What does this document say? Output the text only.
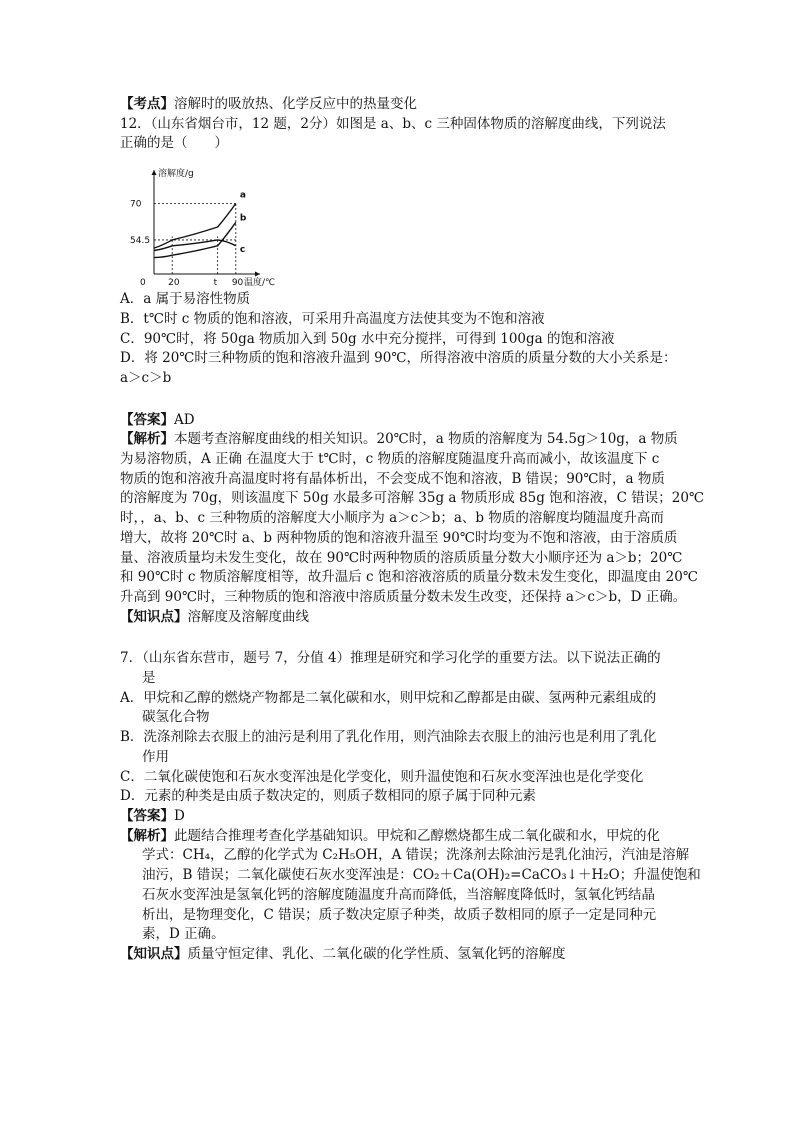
【考点】溶解时的吸放热、化学反应中的热量变化
12．（山东省烟台市，12 题，2分）如图是 a、b、c 三种固体物质的溶解度曲线，下列说法
正确的是（　　）
溶解度/g
温度/℃
54.5
70
0 20	t 90
a
b
c
A．a 属于易溶性物质
B．t℃时 c 物质的饱和溶液，可采用升高温度方法使其变为不饱和溶液
C．90℃时，将 50ga 物质加入到 50g 水中充分搅拌，可得到 100ga 的饱和溶液
D．将 20℃时三种物质的饱和溶液升温到 90℃，所得溶液中溶质的质量分数的大小关系是：
a＞c＞b
【答案】AD
【解析】本题考查溶解度曲线的相关知识。20℃时，a 物质的溶解度为 54.5g＞10g，a 物质
为易溶物质，A 正确 在温度大于 t℃时，c 物质的溶解度随温度升高而减小，故该温度下 c
物质的饱和溶液升高温度时将有晶体析出，不会变成不饱和溶液，B 错误；90℃时，a 物质
的溶解度为 70g，则该温度下 50g 水最多可溶解 35g a 物质形成 85g 饱和溶液，C 错误；20℃
时，，a、b、c 三种物质的溶解度大小顺序为 a＞c＞b；a、b 物质的溶解度均随温度升高而
增大，故将 20℃时 a、b 两种物质的饱和溶液升温至 90℃时均变为不饱和溶液，由于溶质质
量、溶液质量均未发生变化，故在 90℃时两种物质的溶质质量分数大小顺序还为 a＞b；20℃
和 90℃时 c 物质溶解度相等，故升温后 c 饱和溶液溶质的质量分数未发生变化，即温度由 20℃
升高到 90℃时，三种物质的饱和溶液中溶质质量分数未发生改变，还保持 a＞c＞b，D 正确。
【知识点】溶解度及溶解度曲线
7．（山东省东营市，题号 7，分值 4）推理是研究和学习化学的重要方法。以下说法正确的
是
A．甲烷和乙醇的燃烧产物都是二氧化碳和水，则甲烷和乙醇都是由碳、氢两种元素组成的
碳氢化合物
B．洗涤剂除去衣服上的油污是利用了乳化作用，则汽油除去衣服上的油污也是利用了乳化
作用
C．二氧化碳使饱和石灰水变浑浊是化学变化，则升温使饱和石灰水变浑浊也是化学变化
D．元素的种类是由质子数决定的，则质子数相同的原子属于同种元素
【答案】D
【解析】此题结合推理考查化学基础知识。甲烷和乙醇燃烧都生成二氧化碳和水，甲烷的化
学式：CH₄，乙醇的化学式为 C₂H₅OH，A 错误；洗涤剂去除油污是乳化油污，汽油是溶解
油污，B 错误；二氧化碳使石灰水变浑浊是：CO₂＋Ca(OH)₂=CaCO₃↓＋H₂O；升温使饱和
石灰水变浑浊是氢氧化钙的溶解度随温度升高而降低，当溶解度降低时，氢氧化钙结晶
析出，是物理变化，C 错误；质子数决定原子种类，故质子数相同的原子一定是同种元
素，D 正确。
【知识点】质量守恒定律、乳化、二氧化碳的化学性质、氢氧化钙的溶解度
